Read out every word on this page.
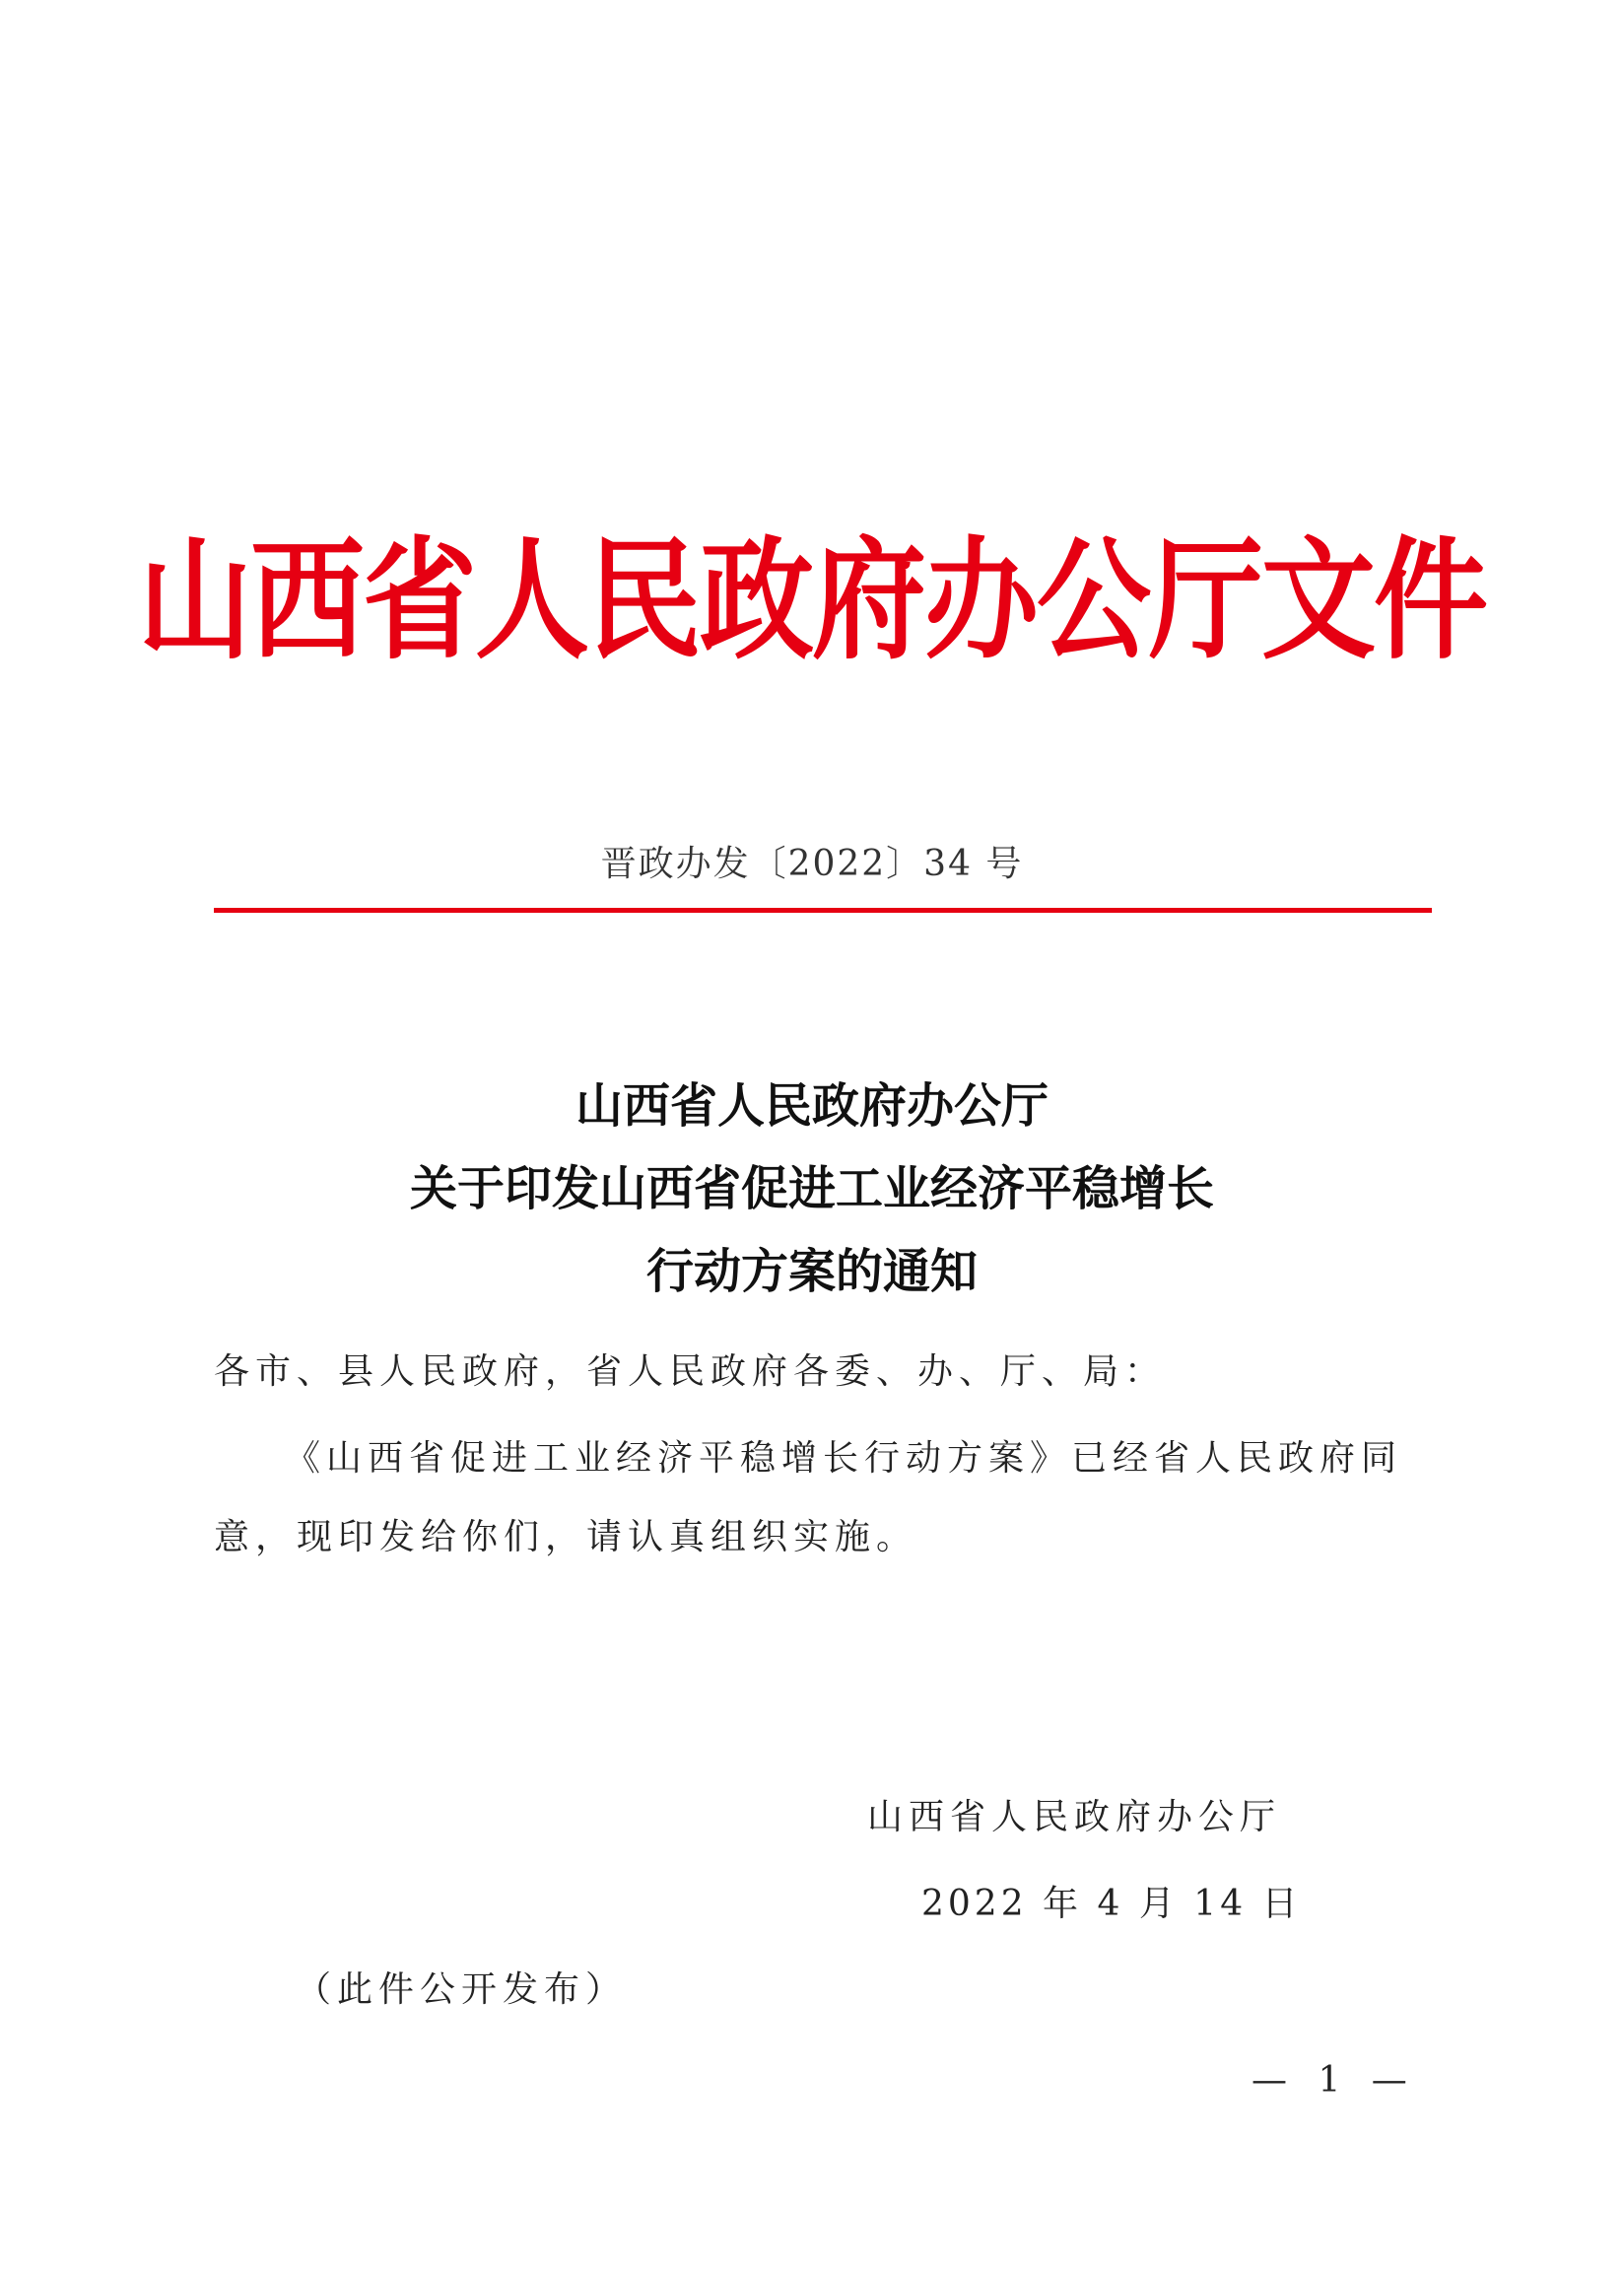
山西省人民政府办公厅文件
晋政办发〔2022〕34 号
山西省人民政府办公厅
关于印发山西省促进工业经济平稳增长
行动方案的通知
各市、县人民政府，省人民政府各委、办、厅、局：
《山西省促进工业经济平稳增长行动方案》已经省人民政府同
意，现印发给你们，请认真组织实施。
山西省人民政府办公厅
2022 年 4 月 14 日
（此件公开发布）
— 1 —
